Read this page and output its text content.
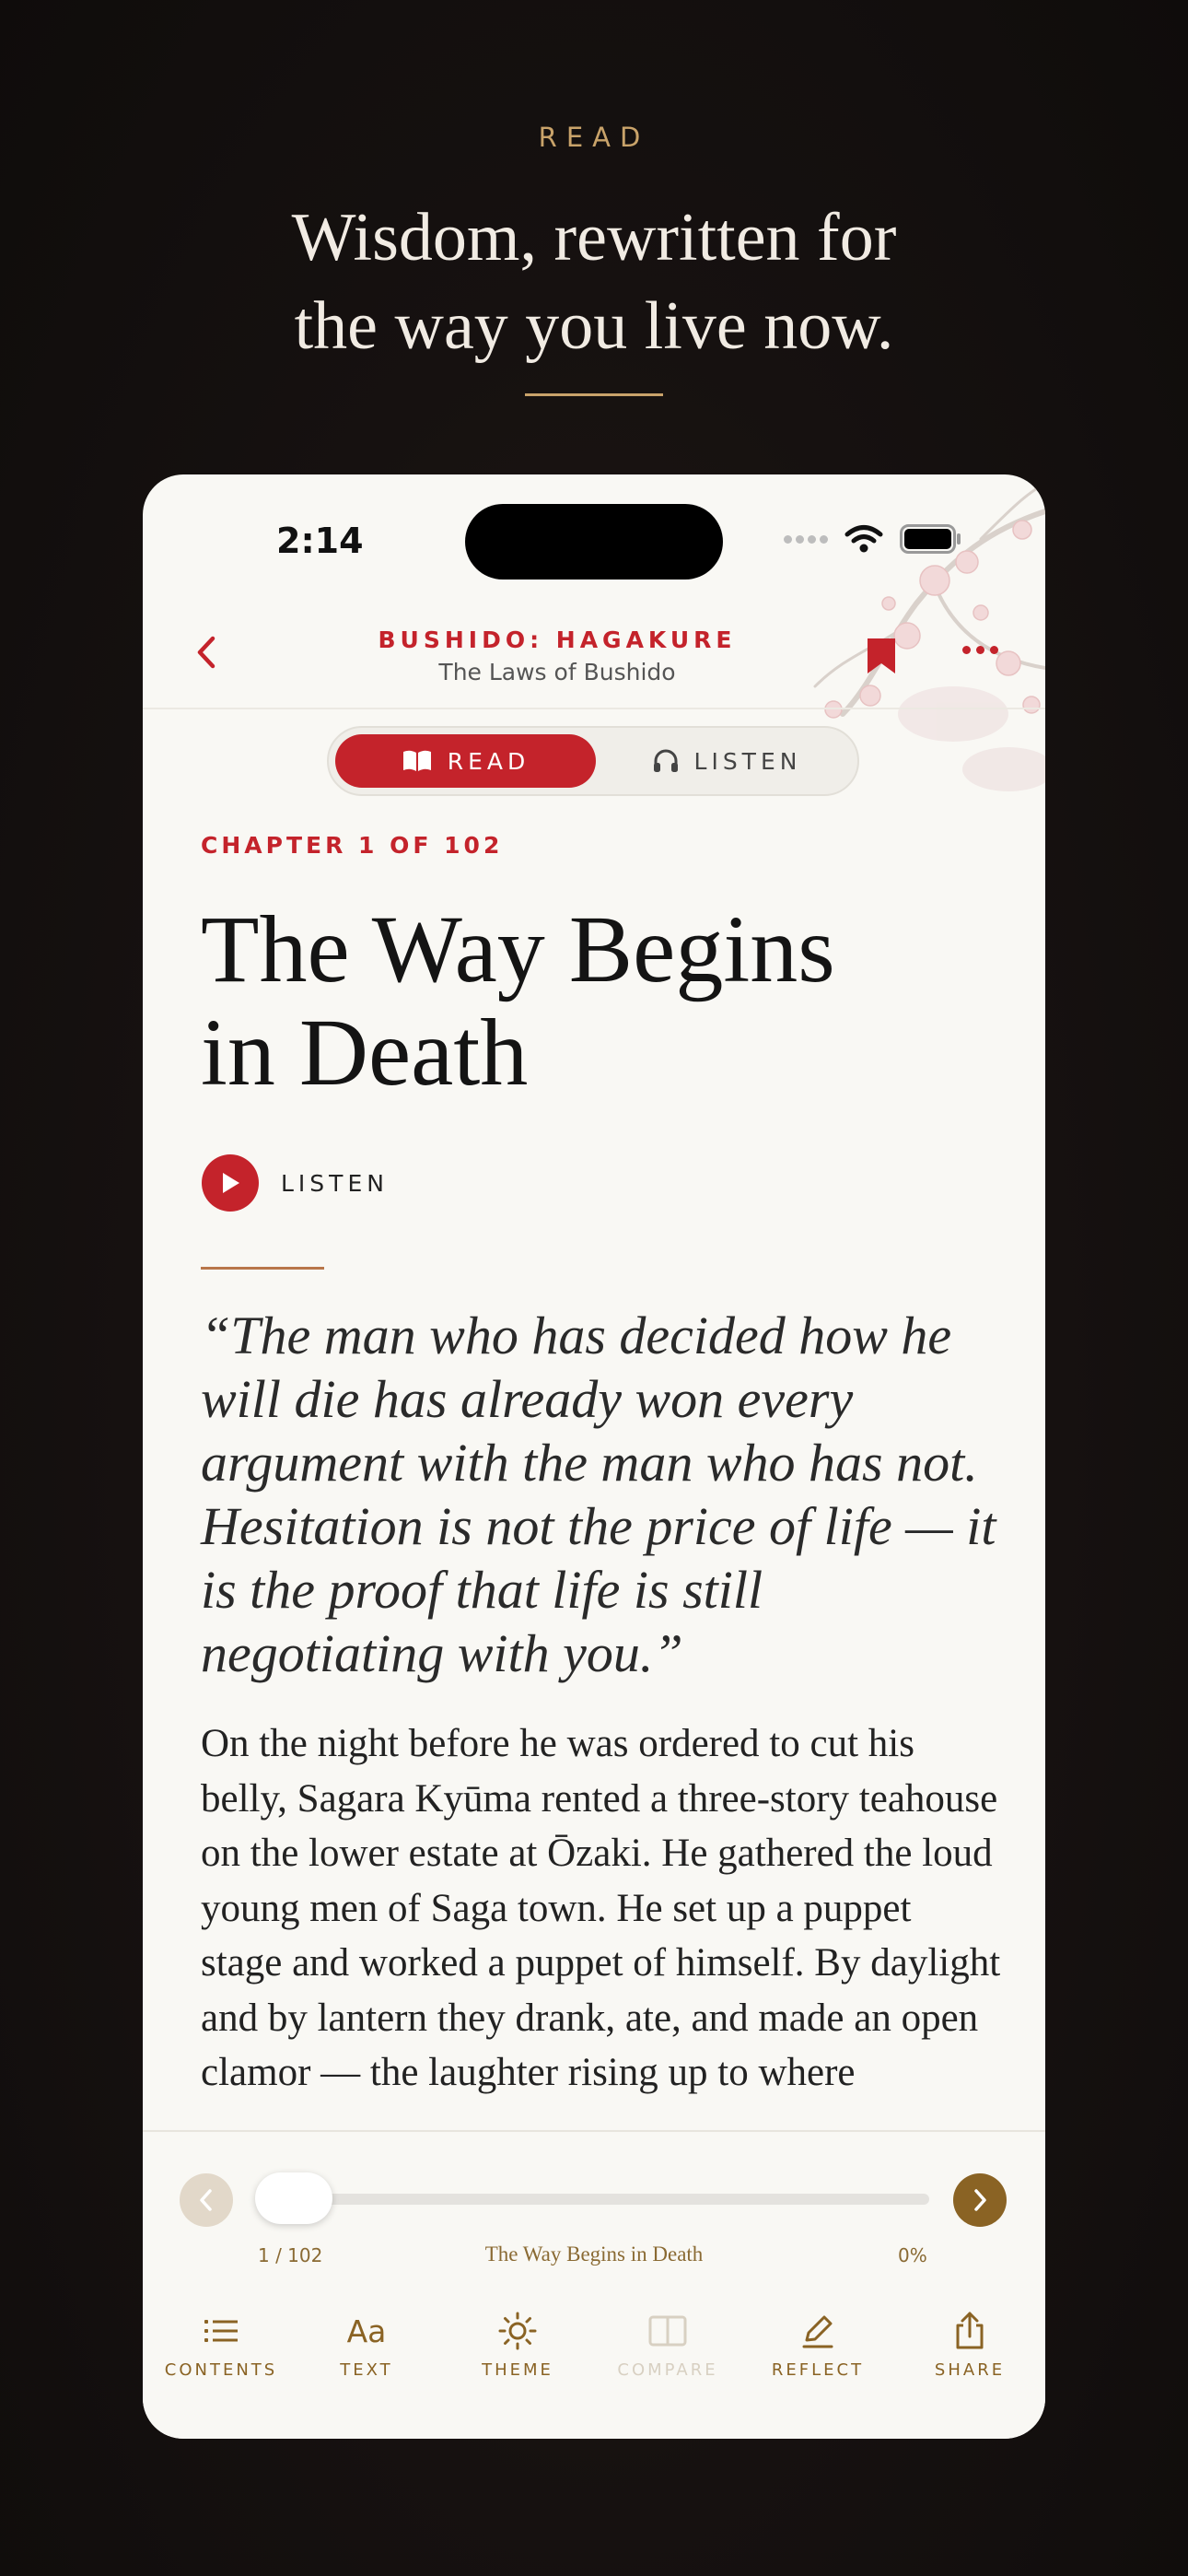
READ
Wisdom, rewritten for
the way you live now.
2:14
BUSHIDO: HAGAKURE
The Laws of Bushido
READ	LISTEN
CHAPTER 1 OF 102
The Way Begins
in Death
LISTEN
“The man who has decided how he will die has already won every argument with the man who has not. Hesitation is not the price of life — it is the proof that life is still negotiating with you.”
On the night before he was ordered to cut his belly, Sagara Kyūma rented a three-story teahouse on the lower estate at Ōzaki. He gathered the loud young men of Saga town. He set up a puppet stage and worked a puppet of himself. By daylight and by lantern they drank, ate, and made an open clamor — the laughter rising up to where
1 / 102	The Way Begins in Death	0%
CONTENTS
Aa
TEXT	THEME	COMPARE	REFLECT	SHARE
